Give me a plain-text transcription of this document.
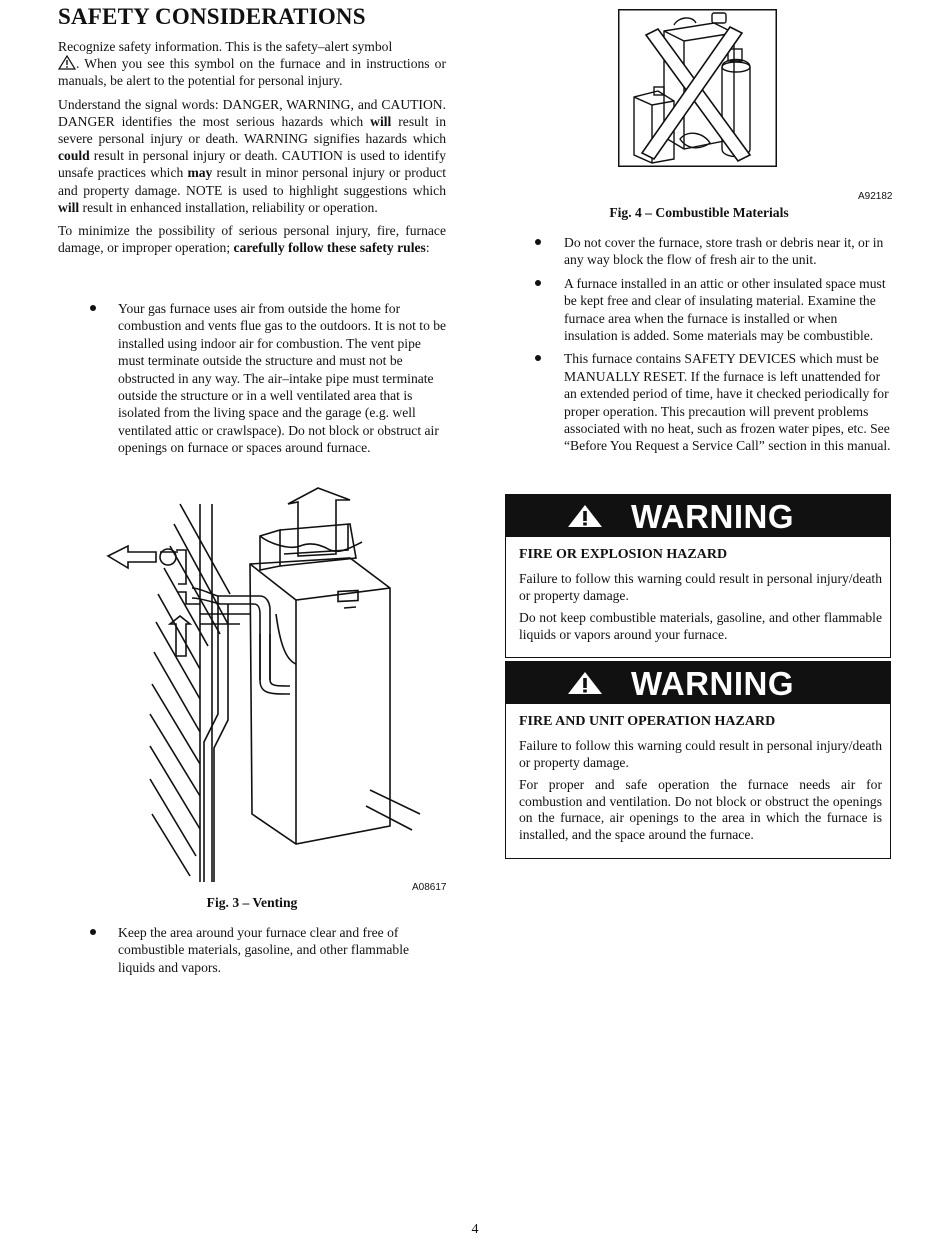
SAFETY CONSIDERATIONS

Recognize safety information. This is the safety–alert symbol
. When you see this symbol on the furnace and in instructions or manuals, be alert to the potential for personal injury.

Understand the signal words: DANGER, WARNING, and CAUTION. DANGER identifies the most serious hazards which will result in severe personal injury or death. WARNING signifies hazards which could result in personal injury or death. CAUTION is used to identify unsafe practices which may result in minor personal injury or product and property damage. NOTE is used to highlight suggestions which will result in enhanced installation, reliability or operation.

To minimize the possibility of serious personal injury, fire, furnace damage, or improper operation; carefully follow these safety rules:

Your gas furnace uses air from outside the home for combustion and vents flue gas to the outdoors. It is not to be installed using indoor air for combustion. The vent pipe must terminate outside the structure and must not be obstructed in any way. The air–intake pipe must terminate outside the structure or in a well ventilated area that is isolated from the living space and the garage (e.g. well ventilated attic or crawlspace). Do not block or obstruct air openings on furnace or spaces around furnace.
A08617
Fig. 3 – Venting
Keep the area around your furnace clear and free of combustible materials, gasoline, and other flammable liquids and vapors.
A92182
Fig. 4 – Combustible Materials
Do not cover the furnace, store trash or debris near it, or in any way block the flow of fresh air to the unit.
A furnace installed in an attic or other insulated space must be kept free and clear of insulating material. Examine the furnace area when the furnace is installed or when insulation is added. Some materials may be combustible.
This furnace contains SAFETY DEVICES which must be MANUALLY RESET. If the furnace is left unattended for an extended period of time, have it checked periodically for proper operation. This precaution will prevent problems associated with no heat, such as frozen water pipes, etc. See “Before You Request a Service Call” section in this manual.
WARNING
FIRE OR EXPLOSION HAZARD

Failure to follow this warning could result in personal injury/death or property damage.

Do not keep combustible materials, gasoline, and other flammable liquids or vapors around your furnace.

WARNING
FIRE AND UNIT OPERATION HAZARD

Failure to follow this warning could result in personal injury/death or property damage.

For proper and safe operation the furnace needs air for combustion and ventilation. Do not block or obstruct the openings on the furnace, air openings to the area in which the furnace is installed, and the space around the furnace.

4
